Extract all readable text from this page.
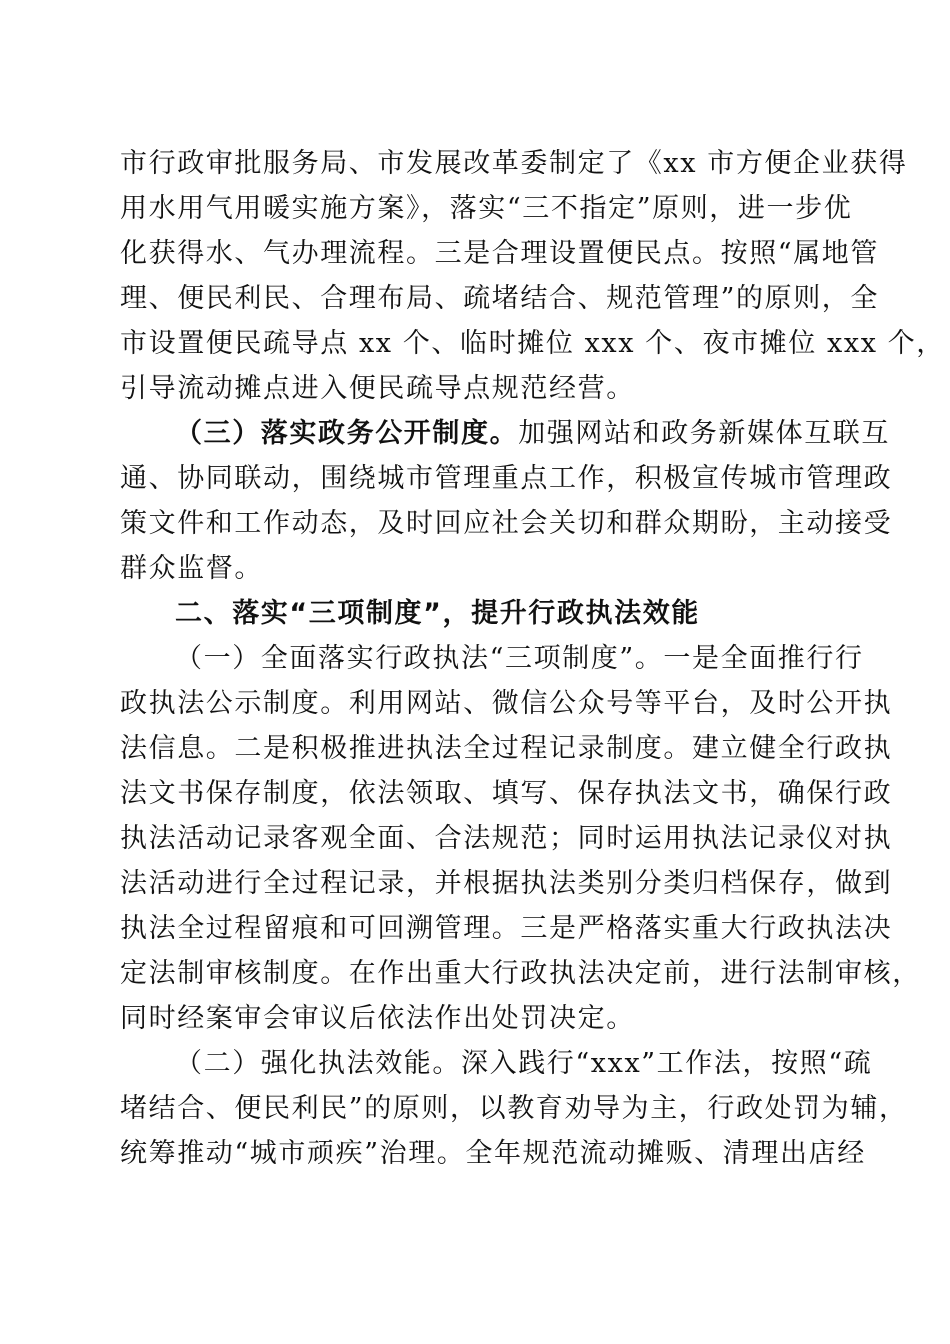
市行政审批服务局、市发展改革委制定了《xx 市方便企业获得
用水用气用暖实施方案》，落实“三不指定”原则，进一步优
化获得水、气办理流程。三是合理设置便民点。按照“属地管
理、便民利民、合理布局、疏堵结合、规范管理”的原则，全
市设置便民疏导点 xx 个、临时摊位 xxx 个、夜市摊位 xxx 个，
引导流动摊点进入便民疏导点规范经营。
（三）落实政务公开制度。加强网站和政务新媒体互联互
通、协同联动，围绕城市管理重点工作，积极宣传城市管理政
策文件和工作动态，及时回应社会关切和群众期盼，主动接受
群众监督。
二、落实“三项制度”，提升行政执法效能
（一）全面落实行政执法“三项制度”。一是全面推行行
政执法公示制度。利用网站、微信公众号等平台，及时公开执
法信息。二是积极推进执法全过程记录制度。建立健全行政执
法文书保存制度，依法领取、填写、保存执法文书，确保行政
执法活动记录客观全面、合法规范；同时运用执法记录仪对执
法活动进行全过程记录，并根据执法类别分类归档保存，做到
执法全过程留痕和可回溯管理。三是严格落实重大行政执法决
定法制审核制度。在作出重大行政执法决定前，进行法制审核，
同时经案审会审议后依法作出处罚决定。
（二）强化执法效能。深入践行“xxx”工作法，按照“疏
堵结合、便民利民”的原则，以教育劝导为主，行政处罚为辅，
统筹推动“城市顽疾”治理。全年规范流动摊贩、清理出店经
